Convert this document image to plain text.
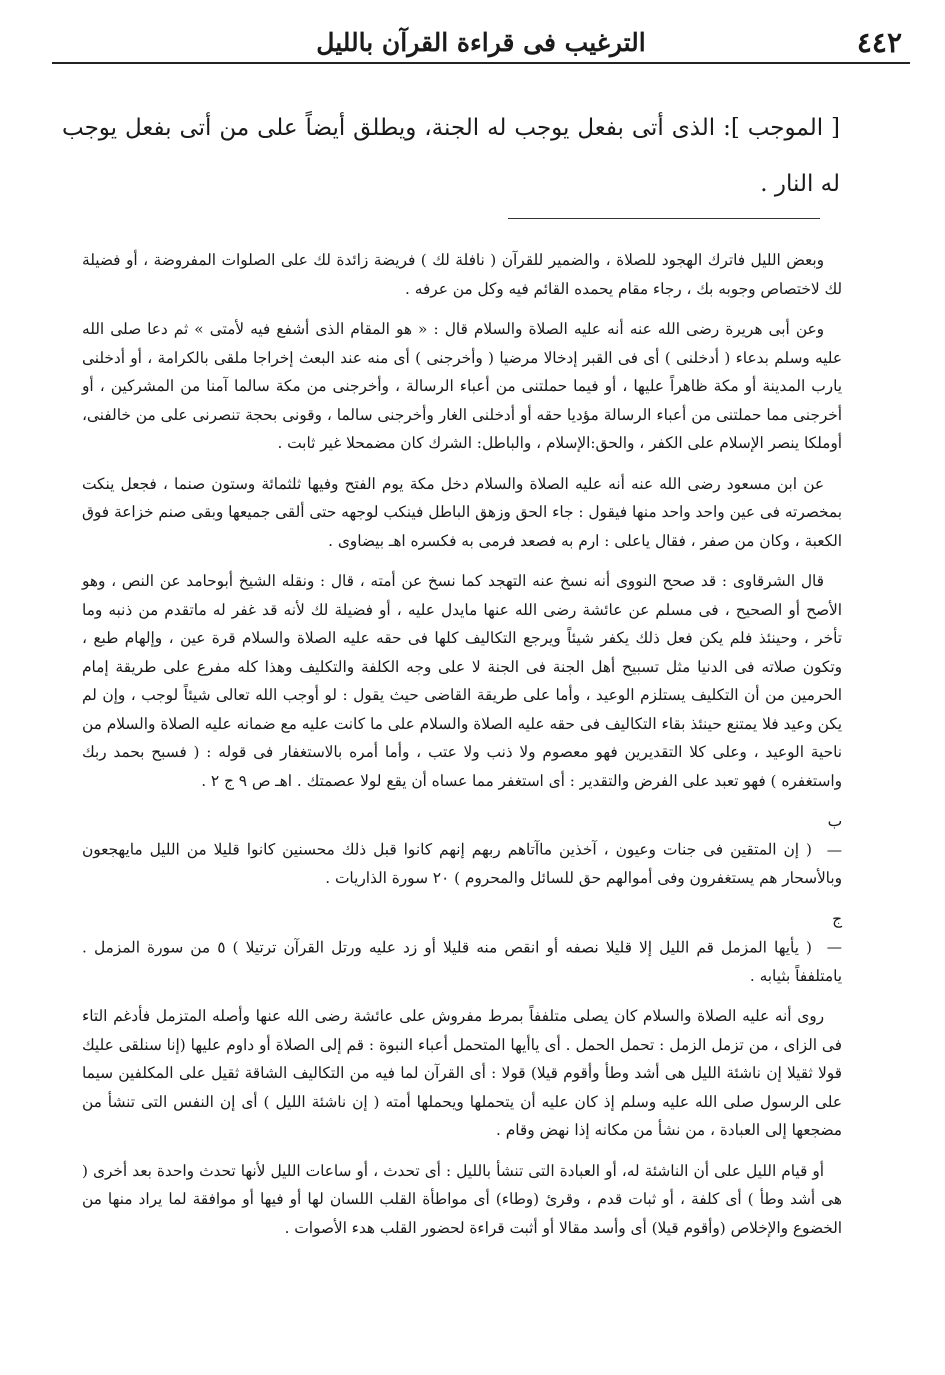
٤٤٢
الترغيب فى قراءة القرآن بالليل
[ الموجب ]: الذى أتى بفعل يوجب له الجنة، ويطلق أيضاً على من أتى بفعل يوجب له النار .

وبعض الليل فاترك الهجود للصلاة ، والضمير للقرآن ( نافلة لك ) فريضة زائدة لك على الصلوات المفروضة ، أو فضيلة لك لاختصاص وجوبه بك ، رجاء مقام يحمده القائم فيه وكل من عرفه .

وعن أبى هريرة رضى الله عنه أنه عليه الصلاة والسلام قال : « هو المقام الذى أشفع فيه لأمتى » ثم دعا صلى الله عليه وسلم بدعاء ( أدخلنى ) أى فى القبر إدخالا مرضيا ( وأخرجنى ) أى منه عند البعث إخراجا ملقى بالكرامة ، أو أدخلنى يارب المدينة أو مكة ظاهراً عليها ، أو فيما حملتنى من أعباء الرسالة ، وأخرجنى من مكة سالما آمنا من المشركين ، أو أخرجنى مما حملتنى من أعباء الرسالة مؤديا حقه أو أدخلنى الغار وأخرجنى سالما ، وقونى بحجة تنصرنى على من خالفنى، أوملكا ينصر الإسلام على الكفر ، والحق:الإسلام ، والباطل: الشرك كان مضمحلا غير ثابت .

عن ابن مسعود رضى الله عنه أنه عليه الصلاة والسلام دخل مكة يوم الفتح وفيها ثلثمائة وستون صنما ، فجعل ينكت بمخصرته فى عين واحد واحد منها فيقول : جاء الحق وزهق الباطل فينكب لوجهه حتى ألقى جميعها وبقى صنم خزاعة فوق الكعبة ، وكان من صفر ، فقال ياعلى : ارم به فصعد فرمى به فكسره اهـ بيضاوى .

قال الشرقاوى : قد صحح النووى أنه نسخ عنه التهجد كما نسخ عن أمته ، قال : ونقله الشيخ أبوحامد عن النص ، وهو الأصح أو الصحيح ، فى مسلم عن عائشة رضى الله عنها مايدل عليه ، أو فضيلة لك لأنه قد غفر له ماتقدم من ذنبه وما تأخر ، وحينئذ فلم يكن فعل ذلك يكفر شيئاً ويرجع التكاليف كلها فى حقه عليه الصلاة والسلام قرة عين ، وإلهام طبع ، وتكون صلاته فى الدنيا مثل تسبيح أهل الجنة فى الجنة لا على وجه الكلفة والتكليف وهذا كله مفرع على طريقة إمام الحرمين من أن التكليف يستلزم الوعيد ، وأما على طريقة القاضى حيث يقول : لو أوجب الله تعالى شيئاً لوجب ، وإن لم يكن وعيد فلا يمتنع حينئذ بقاء التكاليف فى حقه عليه الصلاة والسلام على ما كانت عليه مع ضمانه عليه الصلاة والسلام من ناحية الوعيد ، وعلى كلا التقديرين فهو معصوم ولا ذنب ولا عتب ، وأما أمره بالاستغفار فى قوله : ( فسبح بحمد ربك واستغفره ) فهو تعبد على الفرض والتقدير : أى استغفر مما عساه أن يقع لولا عصمتك . اهـ ص ٩ ج ٢ .

ب —( إن المتقين فى جنات وعيون ، آخذين ماآتاهم ربهم إنهم كانوا قبل ذلك محسنين كانوا قليلا من الليل مايهجعون وبالأسحار هم يستغفرون وفى أموالهم حق للسائل والمحروم ) ٢٠ سورة الذاريات .

ج —( يأيها المزمل قم الليل إلا قليلا نصفه أو انقص منه قليلا أو زد عليه ورتل القرآن ترتيلا ) ٥ من سورة المزمل . يامتلففاً بثيابه .

روى أنه عليه الصلاة والسلام كان يصلى متلففاً بمرط مفروش على عائشة رضى الله عنها وأصله المتزمل فأدغم التاء فى الزاى ، من تزمل الزمل : تحمل الحمل . أى ياأيها المتحمل أعباء النبوة : قم إلى الصلاة أو داوم عليها (إنا سنلقى عليك قولا ثقيلا إن ناشئة الليل هى أشد وطأ وأقوم قيلا) قولا : أى القرآن لما فيه من التكاليف الشاقة ثقيل على المكلفين سيما على الرسول صلى الله عليه وسلم إذ كان عليه أن يتحملها ويحملها أمته ( إن ناشئة الليل ) أى إن النفس التى تنشأ من مضجعها إلى العبادة ، من نشأ من مكانه إذا نهض وقام .

أو قيام الليل على أن الناشئة له، أو العبادة التى تنشأ بالليل : أى تحدث ، أو ساعات الليل لأنها تحدث واحدة بعد أخرى ( هى أشد وطأ ) أى كلفة ، أو ثبات قدم ، وقرئ (وطاء) أى مواطأة القلب اللسان لها أو فيها أو موافقة لما يراد منها من الخضوع والإخلاص (وأقوم قيلا) أى وأسد مقالا أو أثبت قراءة لحضور القلب هدء الأصوات .
